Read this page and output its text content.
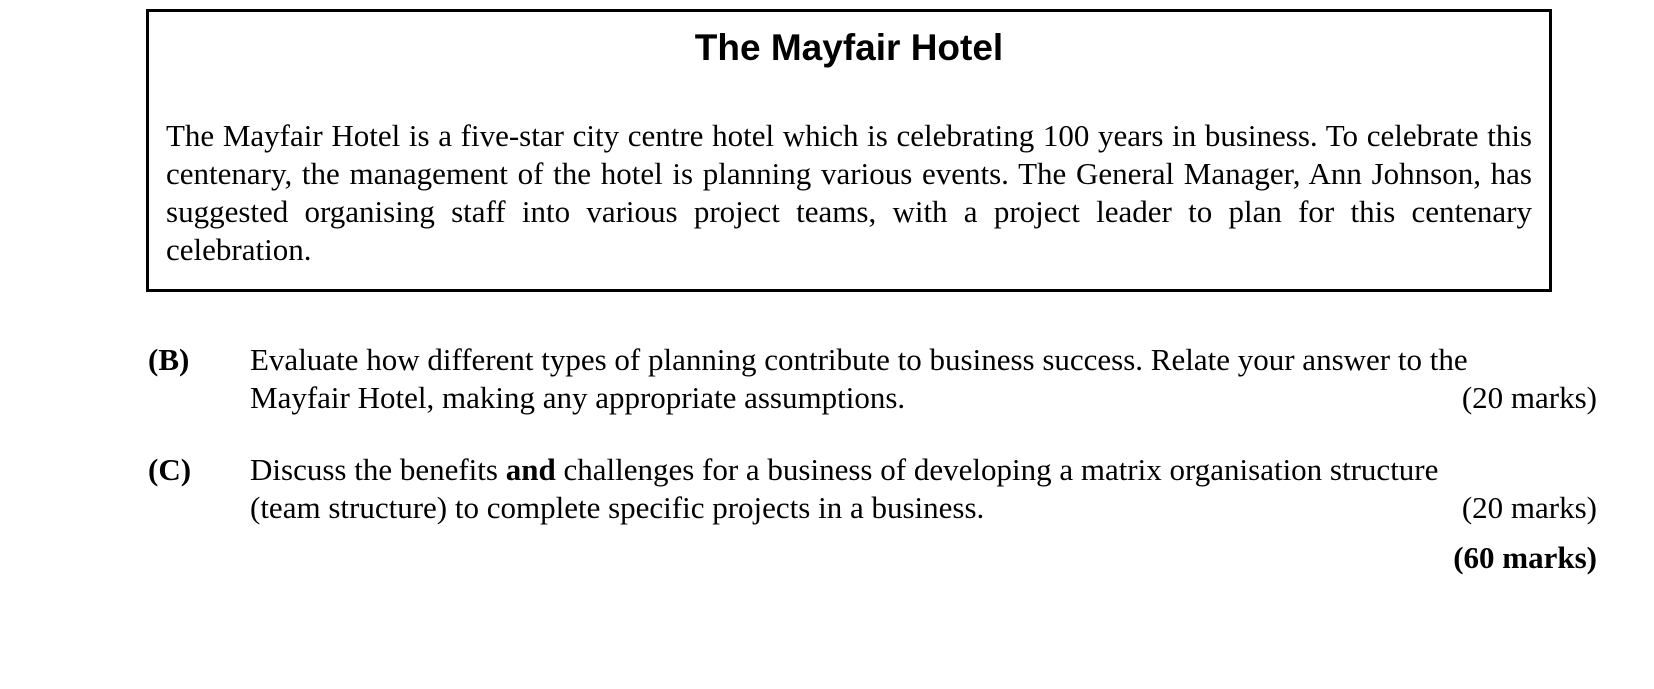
The Mayfair Hotel

The Mayfair Hotel is a five-star city centre hotel which is celebrating 100 years in business. To celebrate this centenary, the management of the hotel is planning various events. The General Manager, Ann Johnson, has suggested organising staff into various project teams, with a project leader to plan for this centenary celebration.

(B) Evaluate how different types of planning contribute to business success. Relate your answer to the
Mayfair Hotel, making any appropriate assumptions.	(20 marks)
(C) Discuss the benefits and challenges for a business of developing a matrix organisation structure
(team structure) to complete specific projects in a business.	(20 marks)
(60 marks)
